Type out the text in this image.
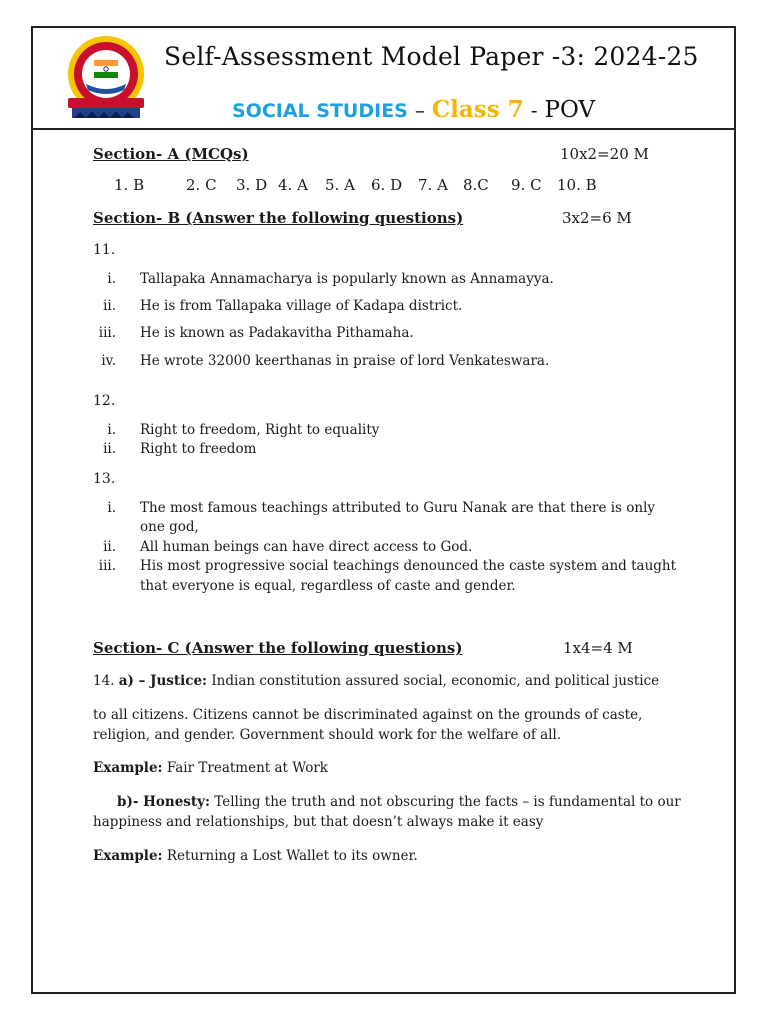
Self-Assessment Model Paper -3: 2024-25
SOCIAL STUDIES – Class 7 - POV
Section- A (MCQs)	10x2=20 M
1. B	2. C 3. D 4. A 5. A 6. D 7. A 8.C 9. C 10. B
Section- B (Answer the following questions)	3x2=6 M
11.
i. Tallapaka Annamacharya is popularly known as Annamayya.
ii. He is from Tallapaka village of Kadapa district.
iii. He is known as Padakavitha Pithamaha.
iv. He wrote 32000 keerthanas in praise of lord Venkateswara.
12.
i. Right to freedom, Right to equality
ii. Right to freedom
13.
i. The most famous teachings attributed to Guru Nanak are that there is only
one god,
ii. All human beings can have direct access to God.
iii. His most progressive social teachings denounced the caste system and taught
that everyone is equal, regardless of caste and gender.
Section- C (Answer the following questions)	1x4=4 M
14. a) – Justice: Indian constitution assured social, economic, and political justice
to all citizens. Citizens cannot be discriminated against on the grounds of caste,
religion, and gender. Government should work for the welfare of all.
Example: Fair Treatment at Work
b)- Honesty: Telling the truth and not obscuring the facts – is fundamental to our
happiness and relationships, but that doesn’t always make it easy
Example: Returning a Lost Wallet to its owner.
